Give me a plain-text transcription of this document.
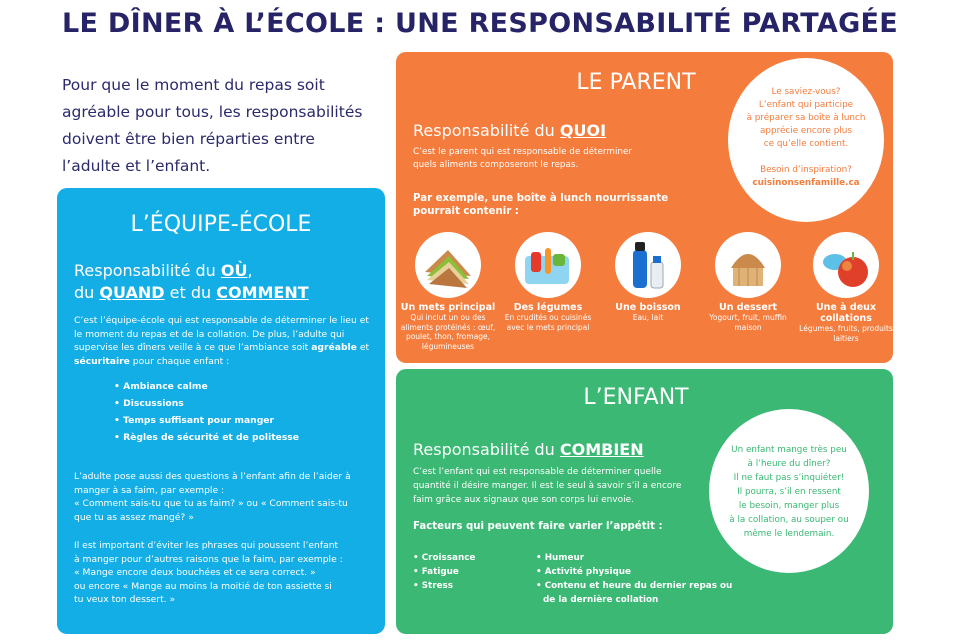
LE DÎNER À L’ÉCOLE : UNE RESPONSABILITÉ PARTAGÉE
Pour que le moment du repas soit
agréable pour tous, les responsabilités
doivent être bien réparties entre
l’adulte et l’enfant.
L’ÉQUIPE-ÉCOLE
Responsabilité du OÙ,
du QUAND et du COMMENT
C’est l’équipe-école qui est responsable de déterminer le lieu et le moment du repas et de la collation. De plus, l’adulte qui supervise les dîners veille à ce que l’ambiance soit agréable et sécuritaire pour chaque enfant :
• Ambiance calme
• Discussions
• Temps suffisant pour manger
• Règles de sécurité et de politesse
L’adulte pose aussi des questions à l’enfant afin de l’aider à
manger à sa faim, par exemple :
« Comment sais-tu que tu as faim? » ou « Comment sais-tu
que tu as assez mangé? »
Il est important d’éviter les phrases qui poussent l’enfant
à manger pour d’autres raisons que la faim, par exemple :
« Mange encore deux bouchées et ce sera correct. »
ou encore « Mange au moins la moitié de ton assiette si
tu veux ton dessert. »
LE PARENT
Responsabilité du QUOI
C’est le parent qui est responsable de déterminer
quels aliments composeront le repas.
Par exemple, une boîte à lunch nourrissante
pourrait contenir :
Le saviez-vous?
L’enfant qui participe
à préparer sa boîte à lunch
apprécie encore plus
ce qu’elle contient.
Besoin d’inspiration?
cuisinonsenfamille.ca
Un mets principal
Qui inclut un ou des aliments protéinés : œuf, poulet, thon, fromage, légumineuses
Des légumes
En crudités ou cuisinés avec le mets principal
Une boisson
Eau, lait
Un dessert
Yogourt, fruit, muffin maison
Une à deux collations
Légumes, fruits, produits laitiers
L’ENFANT
Responsabilité du COMBIEN
C’est l’enfant qui est responsable de déterminer quelle
quantité il désire manger. Il est le seul à savoir s’il a encore
faim grâce aux signaux que son corps lui envoie.
Facteurs qui peuvent faire varier l’appétit :
• Croissance
• Fatigue
• Stress
• Humeur
• Activité physique
• Contenu et heure du dernier repas ou
de la dernière collation
Un enfant mange très peu
à l’heure du dîner?
Il ne faut pas s’inquiéter!
Il pourra, s’il en ressent
le besoin, manger plus
à la collation, au souper ou
même le lendemain.
